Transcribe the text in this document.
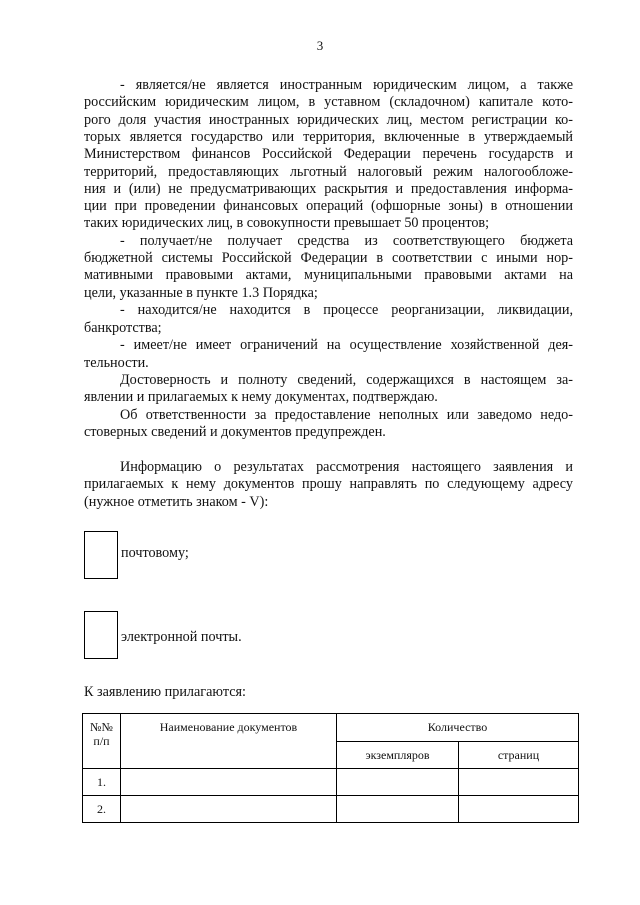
3
- является/не является иностранным юридическим лицом, а также
российским юридическим лицом, в уставном (складочном) капитале кото-
рого доля участия иностранных юридических лиц, местом регистрации ко-
торых является государство или территория, включенные в утверждаемый
Министерством финансов Российской Федерации перечень государств и
территорий, предоставляющих льготный налоговый режим налогообложе-
ния и (или) не предусматривающих раскрытия и предоставления информа-
ции при проведении финансовых операций (офшорные зоны) в отношении
таких юридических лиц, в совокупности превышает 50 процентов;
- получает/не получает средства из соответствующего бюджета
бюджетной системы Российской Федерации в соответствии с иными нор-
мативными правовыми актами, муниципальными правовыми актами на
цели, указанные в пункте 1.3 Порядка;
- находится/не находится в процессе реорганизации, ликвидации,
банкротства;
- имеет/не имеет ограничений на осуществление хозяйственной дея-
тельности.
Достоверность и полноту сведений, содержащихся в настоящем за-
явлении и прилагаемых к нему документах, подтверждаю.
Об ответственности за предоставление неполных или заведомо недо-
стоверных сведений и документов предупрежден.
Информацию о результатах рассмотрения настоящего заявления и
прилагаемых к нему документов прошу направлять по следующему адресу
(нужное отметить знаком - V):
почтовому;
электронной почты.
К заявлению прилагаются:
№№ п/п	Наименование документов	Количество	
		экземпляров	страниц
1.			
2.			
